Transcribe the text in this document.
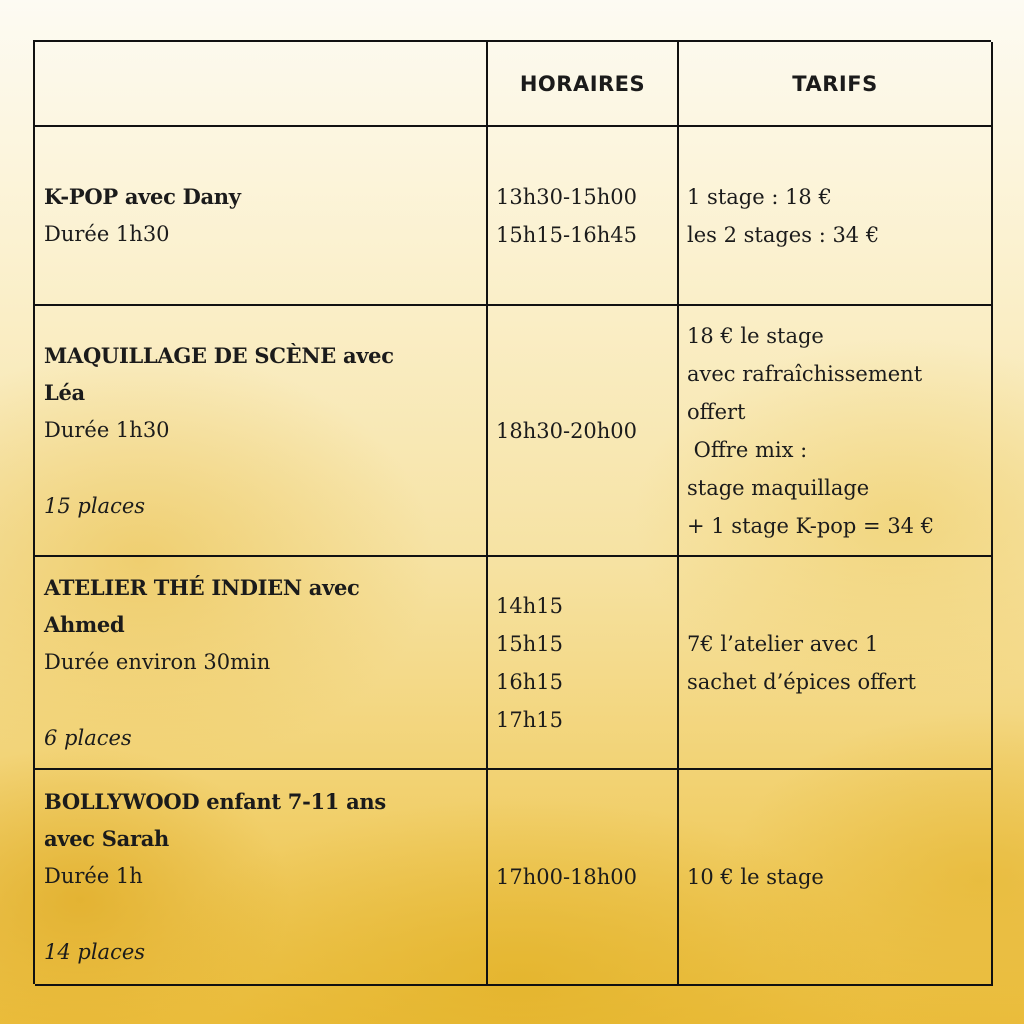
HORAIRES	TARIFS
K-POP avec Dany
Durée 1h30
13h30-15h00
15h15-16h45
1 stage : 18 €
les 2 stages : 34 €
MAQUILLAGE DE SCÈNE avec
Léa
Durée 1h30
15 places
18h30-20h00
18 € le stage
avec rafraîchissement
offert
Offre mix :
stage maquillage
+ 1 stage K-pop = 34 €
ATELIER THÉ INDIEN avec
Ahmed
Durée environ 30min
6 places
14h15
15h15
16h15
17h15
7€ l’atelier avec 1
sachet d’épices offert
BOLLYWOOD enfant 7-11 ans
avec Sarah
Durée 1h
14 places
17h00-18h00	10 € le stage
